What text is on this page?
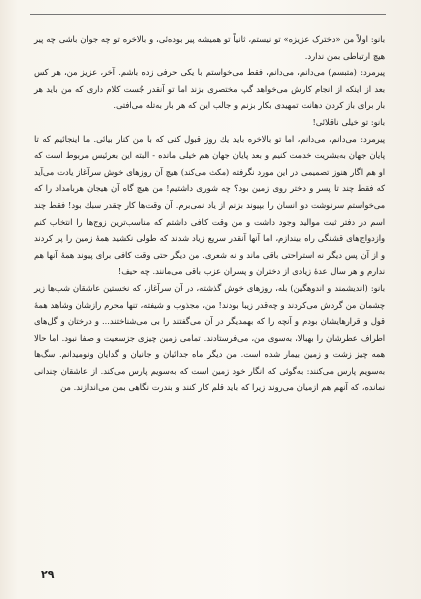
بانو: اولاً من «دخترک عزیزه» تو نیستم، ثانیاً تو همیشه پیر بوده‌ئی، و بالاخره تو چه جوان باشی چه پیر هیچ ارتباطی بمن ندارد.

پیرمرد: (متبسم) می‌دانم، می‌دانم، فقط می‌خواستم با یکی حرفی زده باشم. آخر، عزیز من، هر کس بعد از اینکه از انجام کارش می‌خواهد گپ مختصری بزند اما تو آنقدر جُست کلام داری که من باید هر بار برای باز کردن دهانت تمهیدی بکار بزنم و جالب این که هر بار به‌تله می‌افتی.

بانو: تو خیلی ناقلائی!

پیرمرد: می‌دانم، می‌دانم، اما تو بالاخره باید یك روز قبول کنی که با من کنار بیائی. ما اینجائیم که تا پایان جهان به‌بشریت خدمت کنیم و بعد پایان جهان هم خیلی مانده - البته این بعرئیس مربوط است که او هم اگار هنوز تصمیمی در این مورد نگرفته (مکث می‌کند) هیچ آن روزهای خوش سرآغاز یادت می‌آید که فقط چند تا پسر و دختر روی زمین بود؟ چه شوری داشتیم! من هیچ گاه آن هیجان هربامداد را که می‌خواستم سرنوشت دو انسان را بپیوند بزنم از یاد نمی‌برم. آن وقت‌ها کار چقدر سبك بود! فقط چند اسم در دفتر ثبت مواليد وجود داشت و من وقت کافی داشتم که مناسب‌ترین زوج‌ها را انتخاب کنم وازدواج‌های قشنگی راه بیندازم، اما آنها آنقدر سریع زیاد شدند که طولی نکشید همهٔ زمین را پر کردند و از آن پس دیگر نه استراحتی باقی ماند و نه شعری. من دیگر حتی وقت کافی برای پیوند همهٔ آنها هم ندارم و هر سال عدهٔ زیادی از دختران و پسران عزب باقی می‌مانند. چه حیف!

بانو: (اندیشمند و اندوهگین) بله، روزهای خوش گذشته، در آن سرآغاز، که نخستین عاشقان شب‌ها زیر چشمان من گردش می‌کردند و چه‌قدر زیبا بودند! من، مجذوب و شیفته، تنها محرم رازشان وشاهد همهٔ قول و قرارهایشان بودم و آنچه را که بهمدیگر در آن می‌گفتند را بی می‌شناختند... و درختان و گل‌های اطراف عطرشان را بهبالا، به‌سوی من، می‌فرستادند. تمامی زمین چیزی جزسعیت و صفا نبود. اما حالا همه چیز زشت و زمین بیمار شده است. من دیگر ماه جدائیان و جانیان و گدایان ونومیدانم. سگ‌ها به‌سویم پارس می‌کنند: به‌گوئی که انگار خود زمین است که به‌سویم پارس می‌کند. از عاشقان چندانی نمانده، که آنهم هم ازمیان می‌روند زیرا که باید قلم کار کنند و بندرت نگاهی بمن می‌اندازند. من

۲۹
